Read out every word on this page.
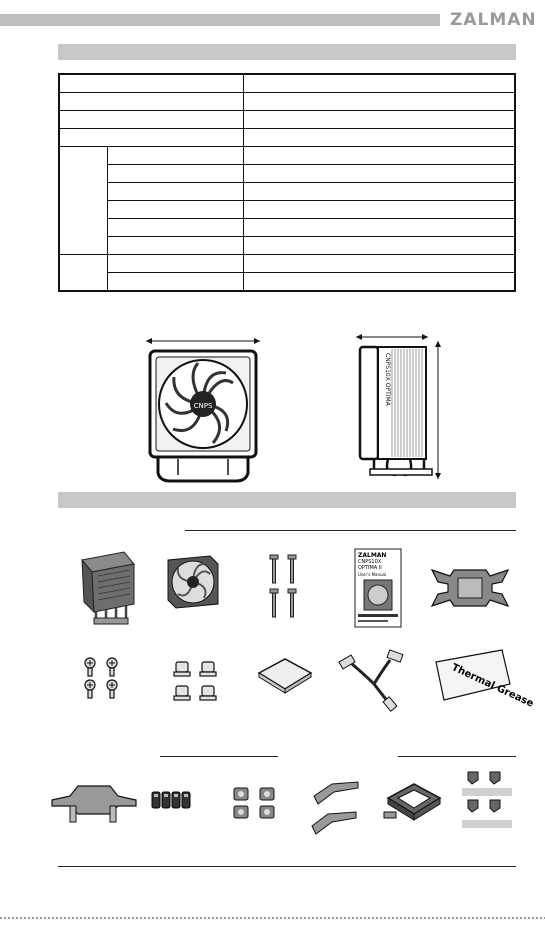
ZALMAN

CNPS
CNPS10X OPTIMA
ZALMAN
CNPS10X
OPTIMA II
User's Manual
Thermal Grease
